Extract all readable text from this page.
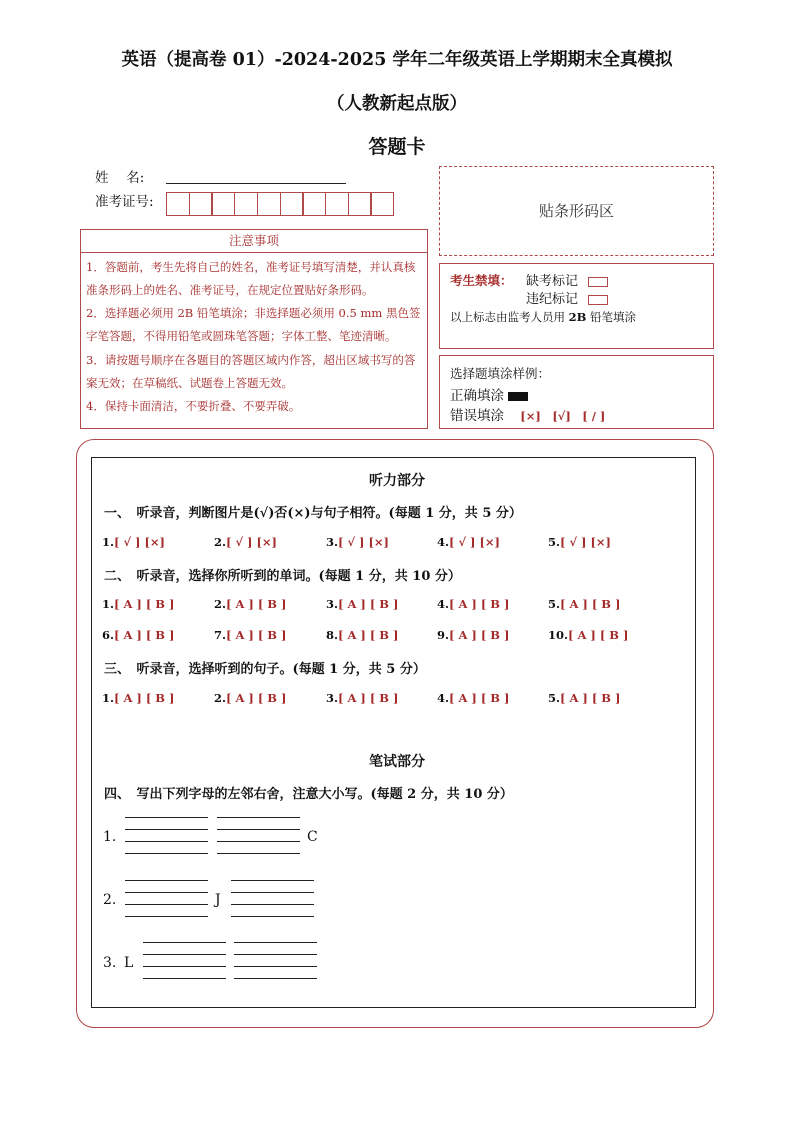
英语（提高卷 01）-2024-2025 学年二年级英语上学期期末全真模拟
（人教新起点版）
答题卡
姓　 名:
准考证号:	贴条形码区
注意事项
1．答题前，考生先将自己的姓名，准考证号填写清楚，并认真核准条形码上的姓名、准考证号，在规定位置贴好条形码。
2．选择题必须用 2B 铅笔填涂；非选择题必须用 0.5 mm 黑色签字笔答题，不得用铅笔或圆珠笔答题；字体工整、笔迹清晰。
3．请按题号顺序在各题目的答题区域内作答，超出区域书写的答案无效；在草稿纸、试题卷上答题无效。
4．保持卡面清洁，不要折叠、不要弄破。
考生禁填： 缺考标记
违纪标记
以上标志由监考人员用 2B 铅笔填涂
选择题填涂样例：
正确填涂
错误填涂 [×]　[√]　[ / ]
听力部分
一、　听录音，判断图片是(√)否(×)与句子相符。(每题 1 分，共 5 分）
1.[ √ ] [×]	2.[ √ ] [×]	3.[ √ ] [×]	4.[ √ ] [×]	5.[ √ ] [×]
二、　听录音，选择你所听到的单词。(每题 1 分，共 10 分）
1.[ A ] [ B ]	2.[ A ] [ B ]	3.[ A ] [ B ]	4.[ A ] [ B ]	5.[ A ] [ B ]
6.[ A ] [ B ]	7.[ A ] [ B ]	8.[ A ] [ B ]	9.[ A ] [ B ]	10.[ A ] [ B ]
三、　听录音，选择听到的句子。(每题 1 分，共 5 分）
1.[ A ] [ B ]	2.[ A ] [ B ]	3.[ A ] [ B ]	4.[ A ] [ B ]	5.[ A ] [ B ]
笔试部分
四、　写出下列字母的左邻右舍，注意大小写。(每题 2 分，共 10 分）
1.	C
2.	J
3. L
